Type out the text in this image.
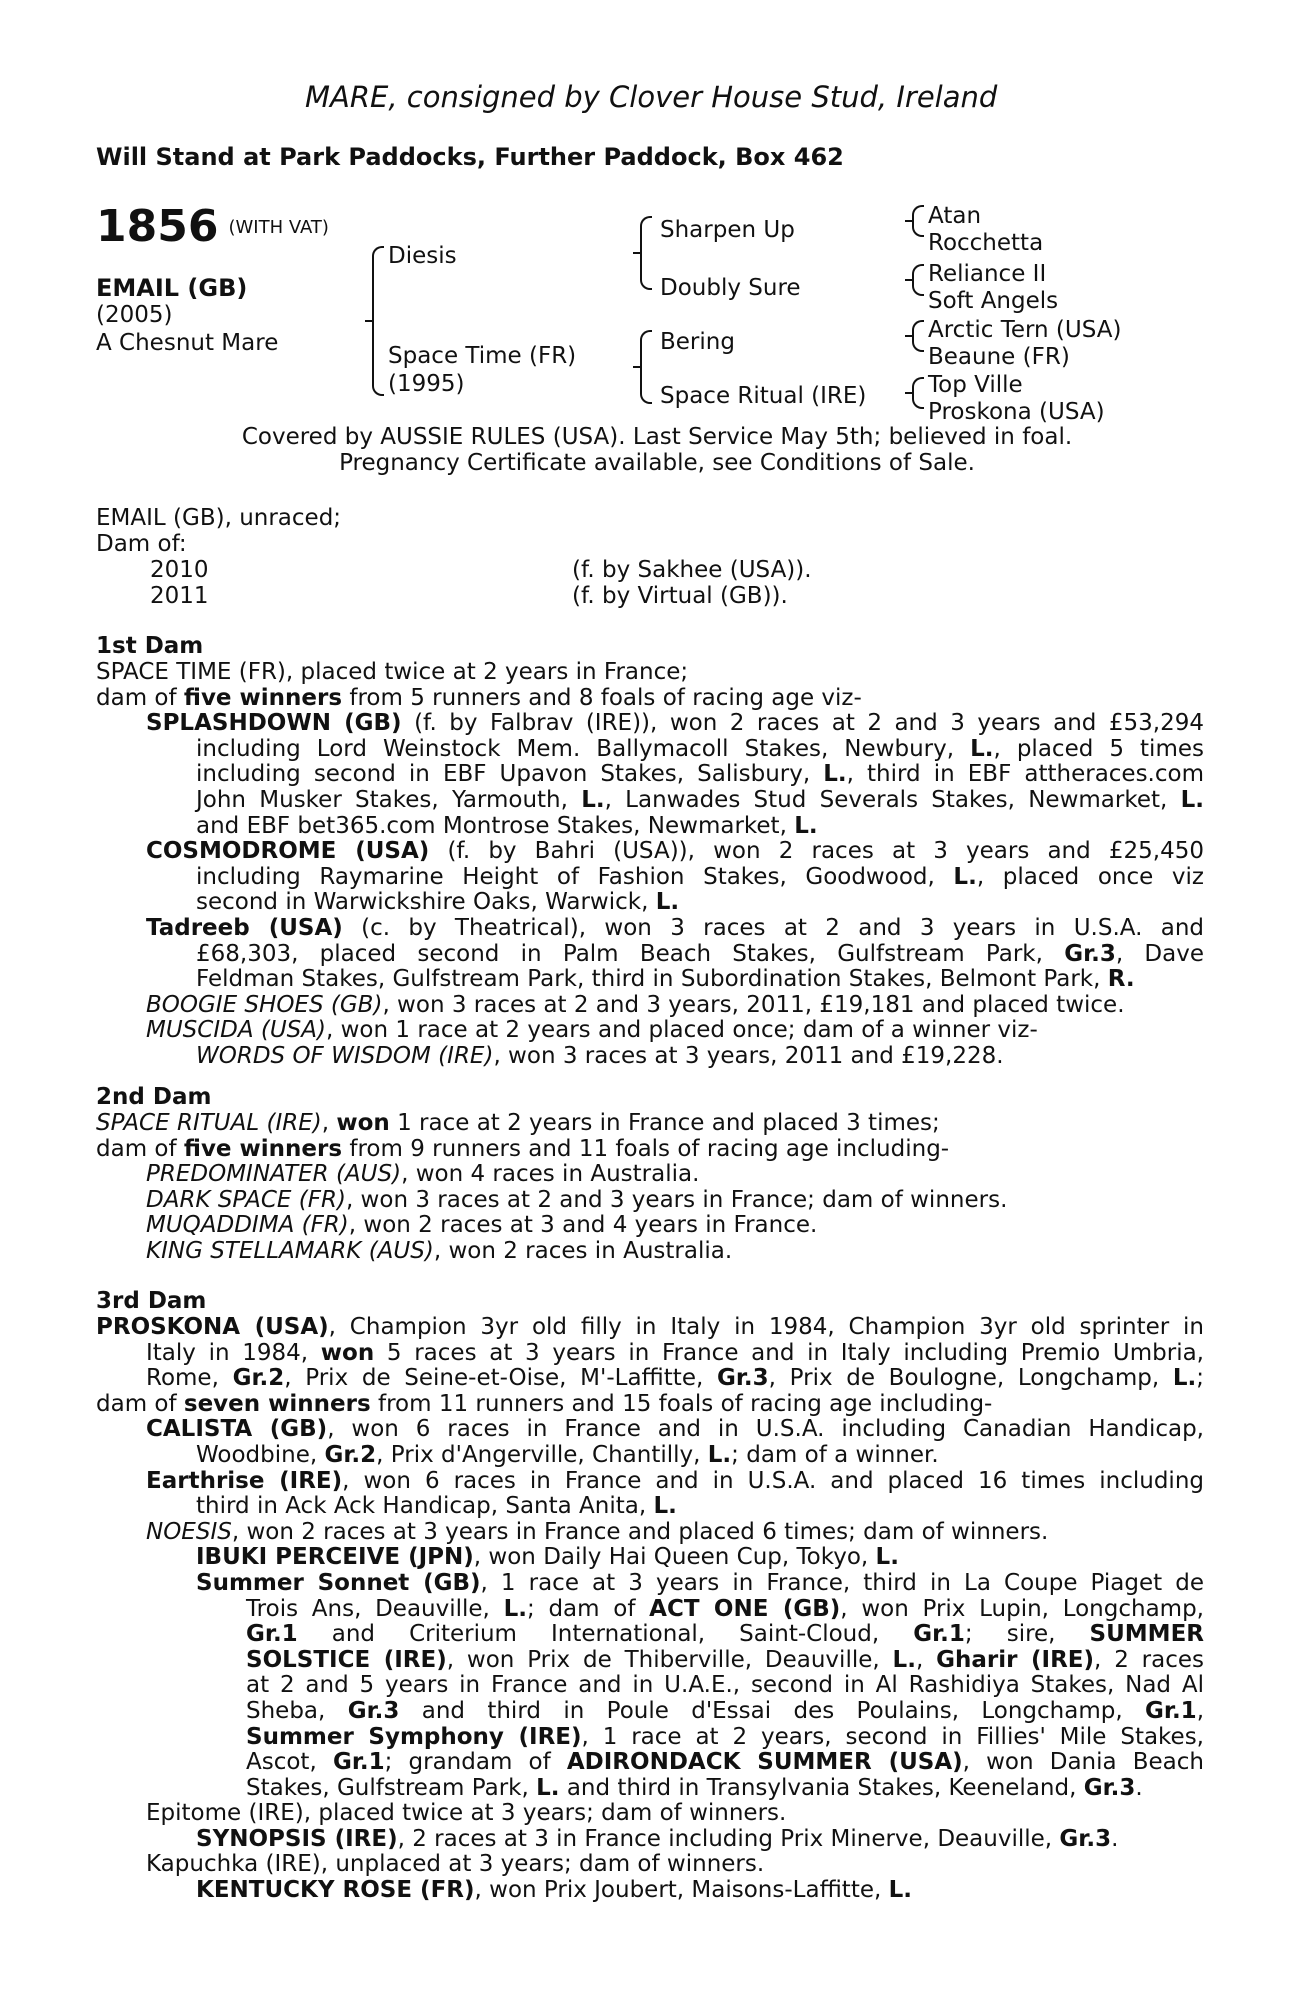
MARE, consigned by Clover House Stud, Ireland
Will Stand at Park Paddocks, Further Paddock, Box 462
1856 (WITH VAT)
EMAIL (GB)
(2005)
A Chesnut Mare
Diesis
Space Time (FR)
(1995)
Sharpen Up
Doubly Sure
Bering
Space Ritual (IRE)
Atan
Rocchetta
Reliance II
Soft Angels
Arctic Tern (USA)
Beaune (FR)
Top Ville
Proskona (USA)
Covered by AUSSIE RULES (USA). Last Service May 5th; believed in foal.
Pregnancy Certificate available, see Conditions of Sale.
EMAIL (GB), unraced;
Dam of:
2010	(f. by Sakhee (USA)).
2011	(f. by Virtual (GB)).
1st Dam
SPACE TIME (FR), placed twice at 2 years in France;
dam of five winners from 5 runners and 8 foals of racing age viz-
SPLASHDOWN (GB) (f. by Falbrav (IRE)), won 2 races at 2 and 3 years and £53,294
including Lord Weinstock Mem. Ballymacoll Stakes, Newbury, L., placed 5 times
including second in EBF Upavon Stakes, Salisbury, L., third in EBF attheraces.com
John Musker Stakes, Yarmouth, L., Lanwades Stud Severals Stakes, Newmarket, L.
and EBF bet365.com Montrose Stakes, Newmarket, L.
COSMODROME (USA) (f. by Bahri (USA)), won 2 races at 3 years and £25,450
including Raymarine Height of Fashion Stakes, Goodwood, L., placed once viz
second in Warwickshire Oaks, Warwick, L.
Tadreeb (USA) (c. by Theatrical), won 3 races at 2 and 3 years in U.S.A. and
£68,303, placed second in Palm Beach Stakes, Gulfstream Park, Gr.3, Dave
Feldman Stakes, Gulfstream Park, third in Subordination Stakes, Belmont Park, R.
BOOGIE SHOES (GB), won 3 races at 2 and 3 years, 2011, £19,181 and placed twice.
MUSCIDA (USA), won 1 race at 2 years and placed once; dam of a winner viz-
WORDS OF WISDOM (IRE), won 3 races at 3 years, 2011 and £19,228.
2nd Dam
SPACE RITUAL (IRE), won 1 race at 2 years in France and placed 3 times;
dam of five winners from 9 runners and 11 foals of racing age including-
PREDOMINATER (AUS), won 4 races in Australia.
DARK SPACE (FR), won 3 races at 2 and 3 years in France; dam of winners.
MUQADDIMA (FR), won 2 races at 3 and 4 years in France.
KING STELLAMARK (AUS), won 2 races in Australia.
3rd Dam
PROSKONA (USA), Champion 3yr old filly in Italy in 1984, Champion 3yr old sprinter in
Italy in 1984, won 5 races at 3 years in France and in Italy including Premio Umbria,
Rome, Gr.2, Prix de Seine-et-Oise, M'-Laffitte, Gr.3, Prix de Boulogne, Longchamp, L.;
dam of seven winners from 11 runners and 15 foals of racing age including-
CALISTA (GB), won 6 races in France and in U.S.A. including Canadian Handicap,
Woodbine, Gr.2, Prix d'Angerville, Chantilly, L.; dam of a winner.
Earthrise (IRE), won 6 races in France and in U.S.A. and placed 16 times including
third in Ack Ack Handicap, Santa Anita, L.
NOESIS, won 2 races at 3 years in France and placed 6 times; dam of winners.
IBUKI PERCEIVE (JPN), won Daily Hai Queen Cup, Tokyo, L.
Summer Sonnet (GB), 1 race at 3 years in France, third in La Coupe Piaget de
Trois Ans, Deauville, L.; dam of ACT ONE (GB), won Prix Lupin, Longchamp,
Gr.1 and Criterium International, Saint-Cloud, Gr.1; sire, SUMMER
SOLSTICE (IRE), won Prix de Thiberville, Deauville, L., Gharir (IRE), 2 races
at 2 and 5 years in France and in U.A.E., second in Al Rashidiya Stakes, Nad Al
Sheba, Gr.3 and third in Poule d'Essai des Poulains, Longchamp, Gr.1,
Summer Symphony (IRE), 1 race at 2 years, second in Fillies' Mile Stakes,
Ascot, Gr.1; grandam of ADIRONDACK SUMMER (USA), won Dania Beach
Stakes, Gulfstream Park, L. and third in Transylvania Stakes, Keeneland, Gr.3.
Epitome (IRE), placed twice at 3 years; dam of winners.
SYNOPSIS (IRE), 2 races at 3 in France including Prix Minerve, Deauville, Gr.3.
Kapuchka (IRE), unplaced at 3 years; dam of winners.
KENTUCKY ROSE (FR), won Prix Joubert, Maisons-Laffitte, L.
